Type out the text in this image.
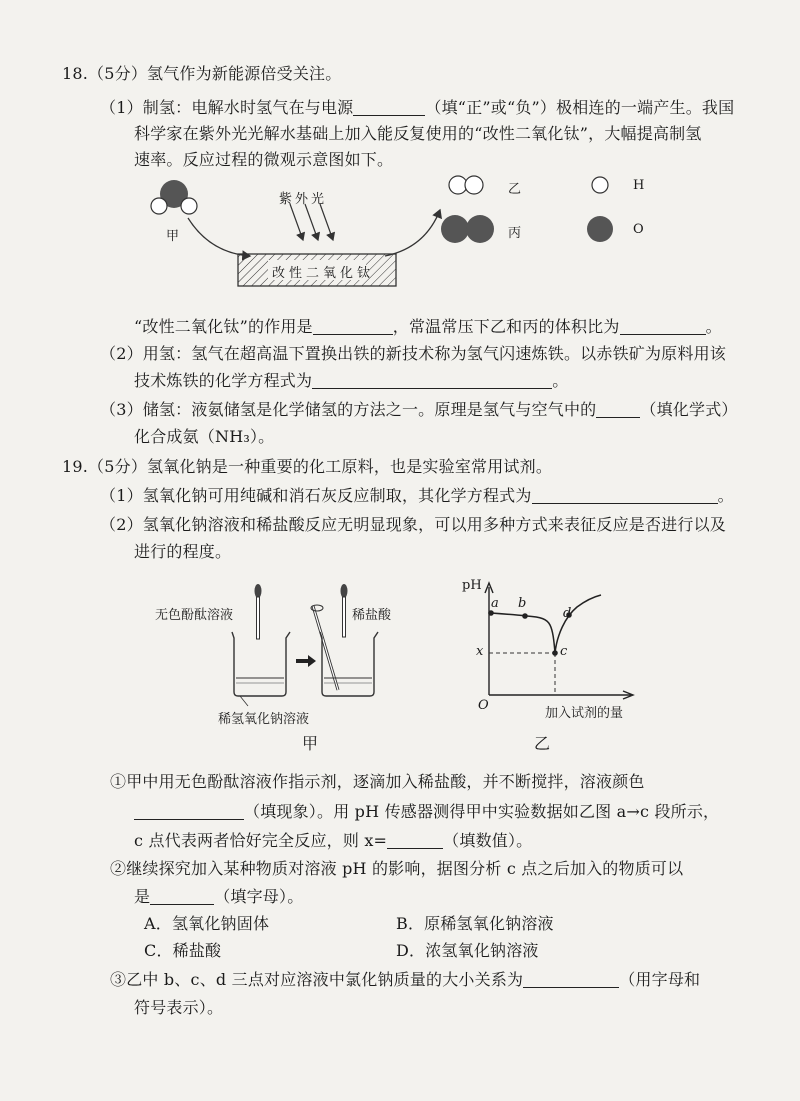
18.（5分）氢气作为新能源倍受关注。
（1）制氢：电解水时氢气在与电源	（填“正”或“负”）极相连的一端产生。我国
科学家在紫外光光解水基础上加入能反复使用的“改性二氧化钛”，大幅提高制氢
速率。反应过程的微观示意图如下。
甲
紫外光
改性二氧化钛
乙
丙
H
O
“改性二氧化钛”的作用是	，常温常压下乙和丙的体积比为	。
（2）用氢：氢气在超高温下置换出铁的新技术称为氢气闪速炼铁。以赤铁矿为原料用该
技术炼铁的化学方程式为	。
（3）储氢：液氨储氢是化学储氢的方法之一。原理是氢气与空气中的	（填化学式）
化合成氨（NH₃）。
19.（5分）氢氧化钠是一种重要的化工原料，也是实验室常用试剂。
（1）氢氧化钠可用纯碱和消石灰反应制取，其化学方程式为	。
（2）氢氧化钠溶液和稀盐酸反应无明显现象，可以用多种方式来表征反应是否进行以及
进行的程度。
无色酚酞溶液	稀盐酸
稀氢氧化钠溶液
甲
pH
a b
c
d
x
O
加入试剂的量
乙
①甲中用无色酚酞溶液作指示剂，逐滴加入稀盐酸，并不断搅拌，溶液颜色
（填现象）。用 pH 传感器测得甲中实验数据如乙图 a→c 段所示，
c 点代表两者恰好完全反应，则 x=	（填数值）。
②继续探究加入某种物质对溶液 pH 的影响，据图分析 c 点之后加入的物质可以
是	（填字母）。
A．氢氧化钠固体	B．原稀氢氧化钠溶液
C．稀盐酸	D．浓氢氧化钠溶液
③乙中 b、c、d 三点对应溶液中氯化钠质量的大小关系为	（用字母和
符号表示）。
